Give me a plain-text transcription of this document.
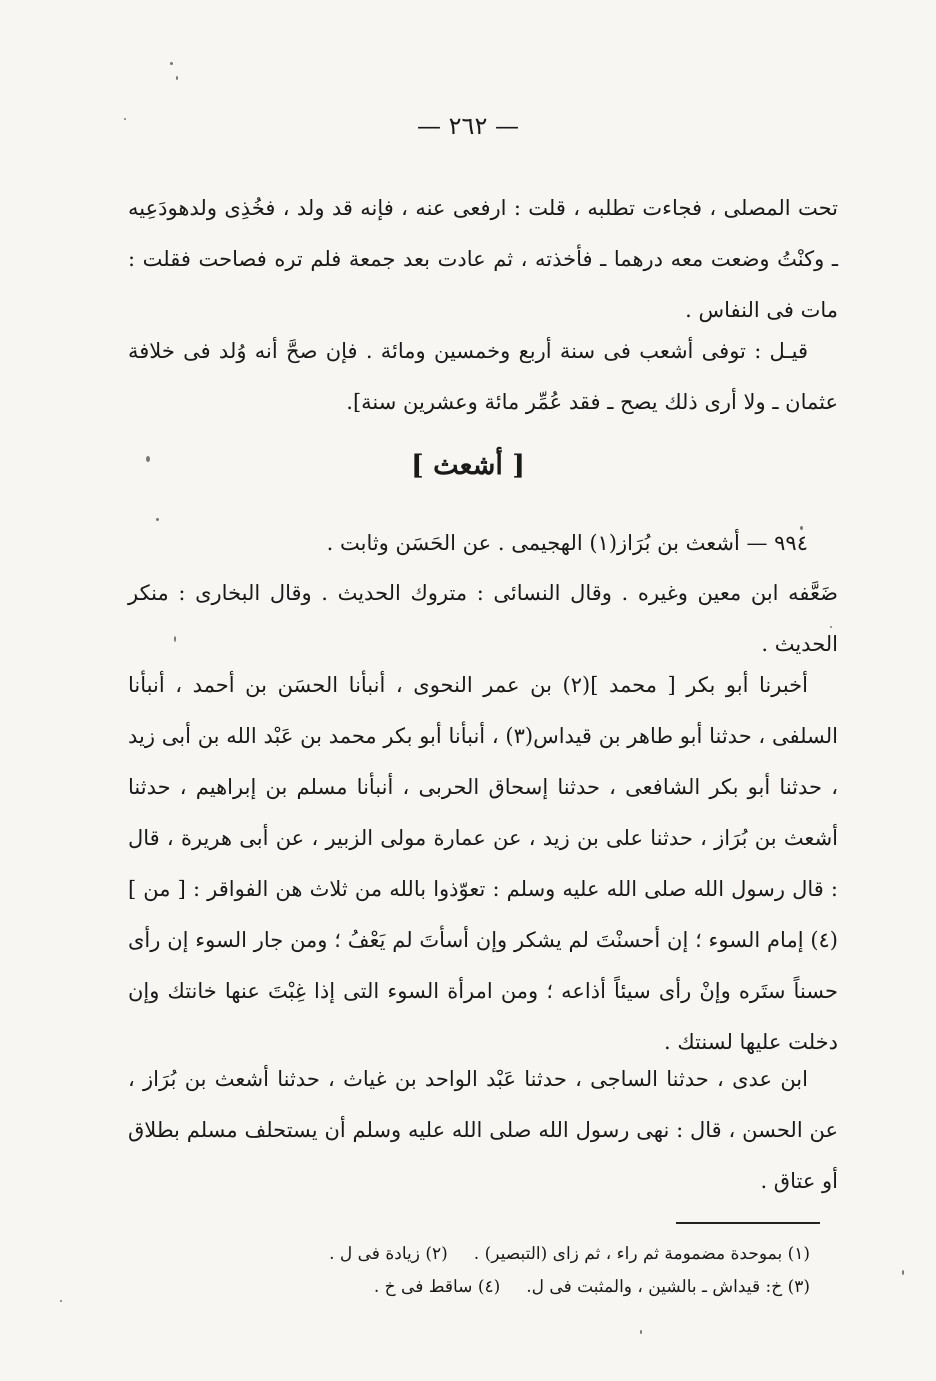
— ٢٦٢ —

تحت المصلى ، فجاءت تطلبه ، قلت : ارفعى عنه ، فإنه قد ولد ، فخُذِى ولدهودَعِيه ـ وكنْتُ وضعت معه درهما ـ فأخذته ، ثم عادت بعد جمعة فلم تره فصاحت فقلت : مات فى النفاس .

قيـل : توفى أشعب فى سنة أربع وخمسين ومائة . فإن صحَّ أنه وُلد فى خلافة عثمان ـ ولا أرى ذلك يصح ـ فقد عُمِّر مائة وعشرين سنة].

[ أشعث ]

٩٩٤ — أشعث بن بُرَاز(١) الهجيمى . عن الحَسَن وثابت .

ضَعَّفه ابن معين وغيره . وقال النسائى : متروك الحديث . وقال البخارى : منكر الحديث .

أخبرنا أبو بكر [ محمد ](٢) بن عمر النحوى ، أنبأنا الحسَن بن أحمد ، أنبأنا السلفى ، حدثنا أبو طاهر بن قيداس(٣) ، أنبأنا أبو بكر محمد بن عَبْد الله بن أبى زيد ، حدثنا أبو بكر الشافعى ، حدثنا إسحاق الحربى ، أنبأنا مسلم بن إبراهيم ، حدثنا أشعث بن بُرَاز ، حدثنا على بن زيد ، عن عمارة مولى الزبير ، عن أبى هريرة ، قال : قال رسول الله صلى الله عليه وسلم : تعوّذوا بالله من ثلاث هن الفواقر : [ من ](٤) إمام السوء ؛ إن أحسنْتَ لم يشكر وإن أسأتَ لم يَعْفُ ؛ ومن جار السوء إن رأى حسناً ستَره وإنْ رأى سيئاً أذاعه ؛ ومن امرأة السوء التى إذا غِبْتَ عنها خانتك وإن دخلت عليها لسنتك .

ابن عدى ، حدثنا الساجى ، حدثنا عَبْد الواحد بن غياث ، حدثنا أشعث بن بُرَاز ، عن الحسن ، قال : نهى رسول الله صلى الله عليه وسلم أن يستحلف مسلم بطلاق أو عتاق .

(١) بموحدة مضمومة ثم راء ، ثم زاى (التبصير) .(٢) زيادة فى ل .
(٣) خ: قيداش ـ بالشين ، والمثبت فى ل.(٤) ساقط فى خ .
